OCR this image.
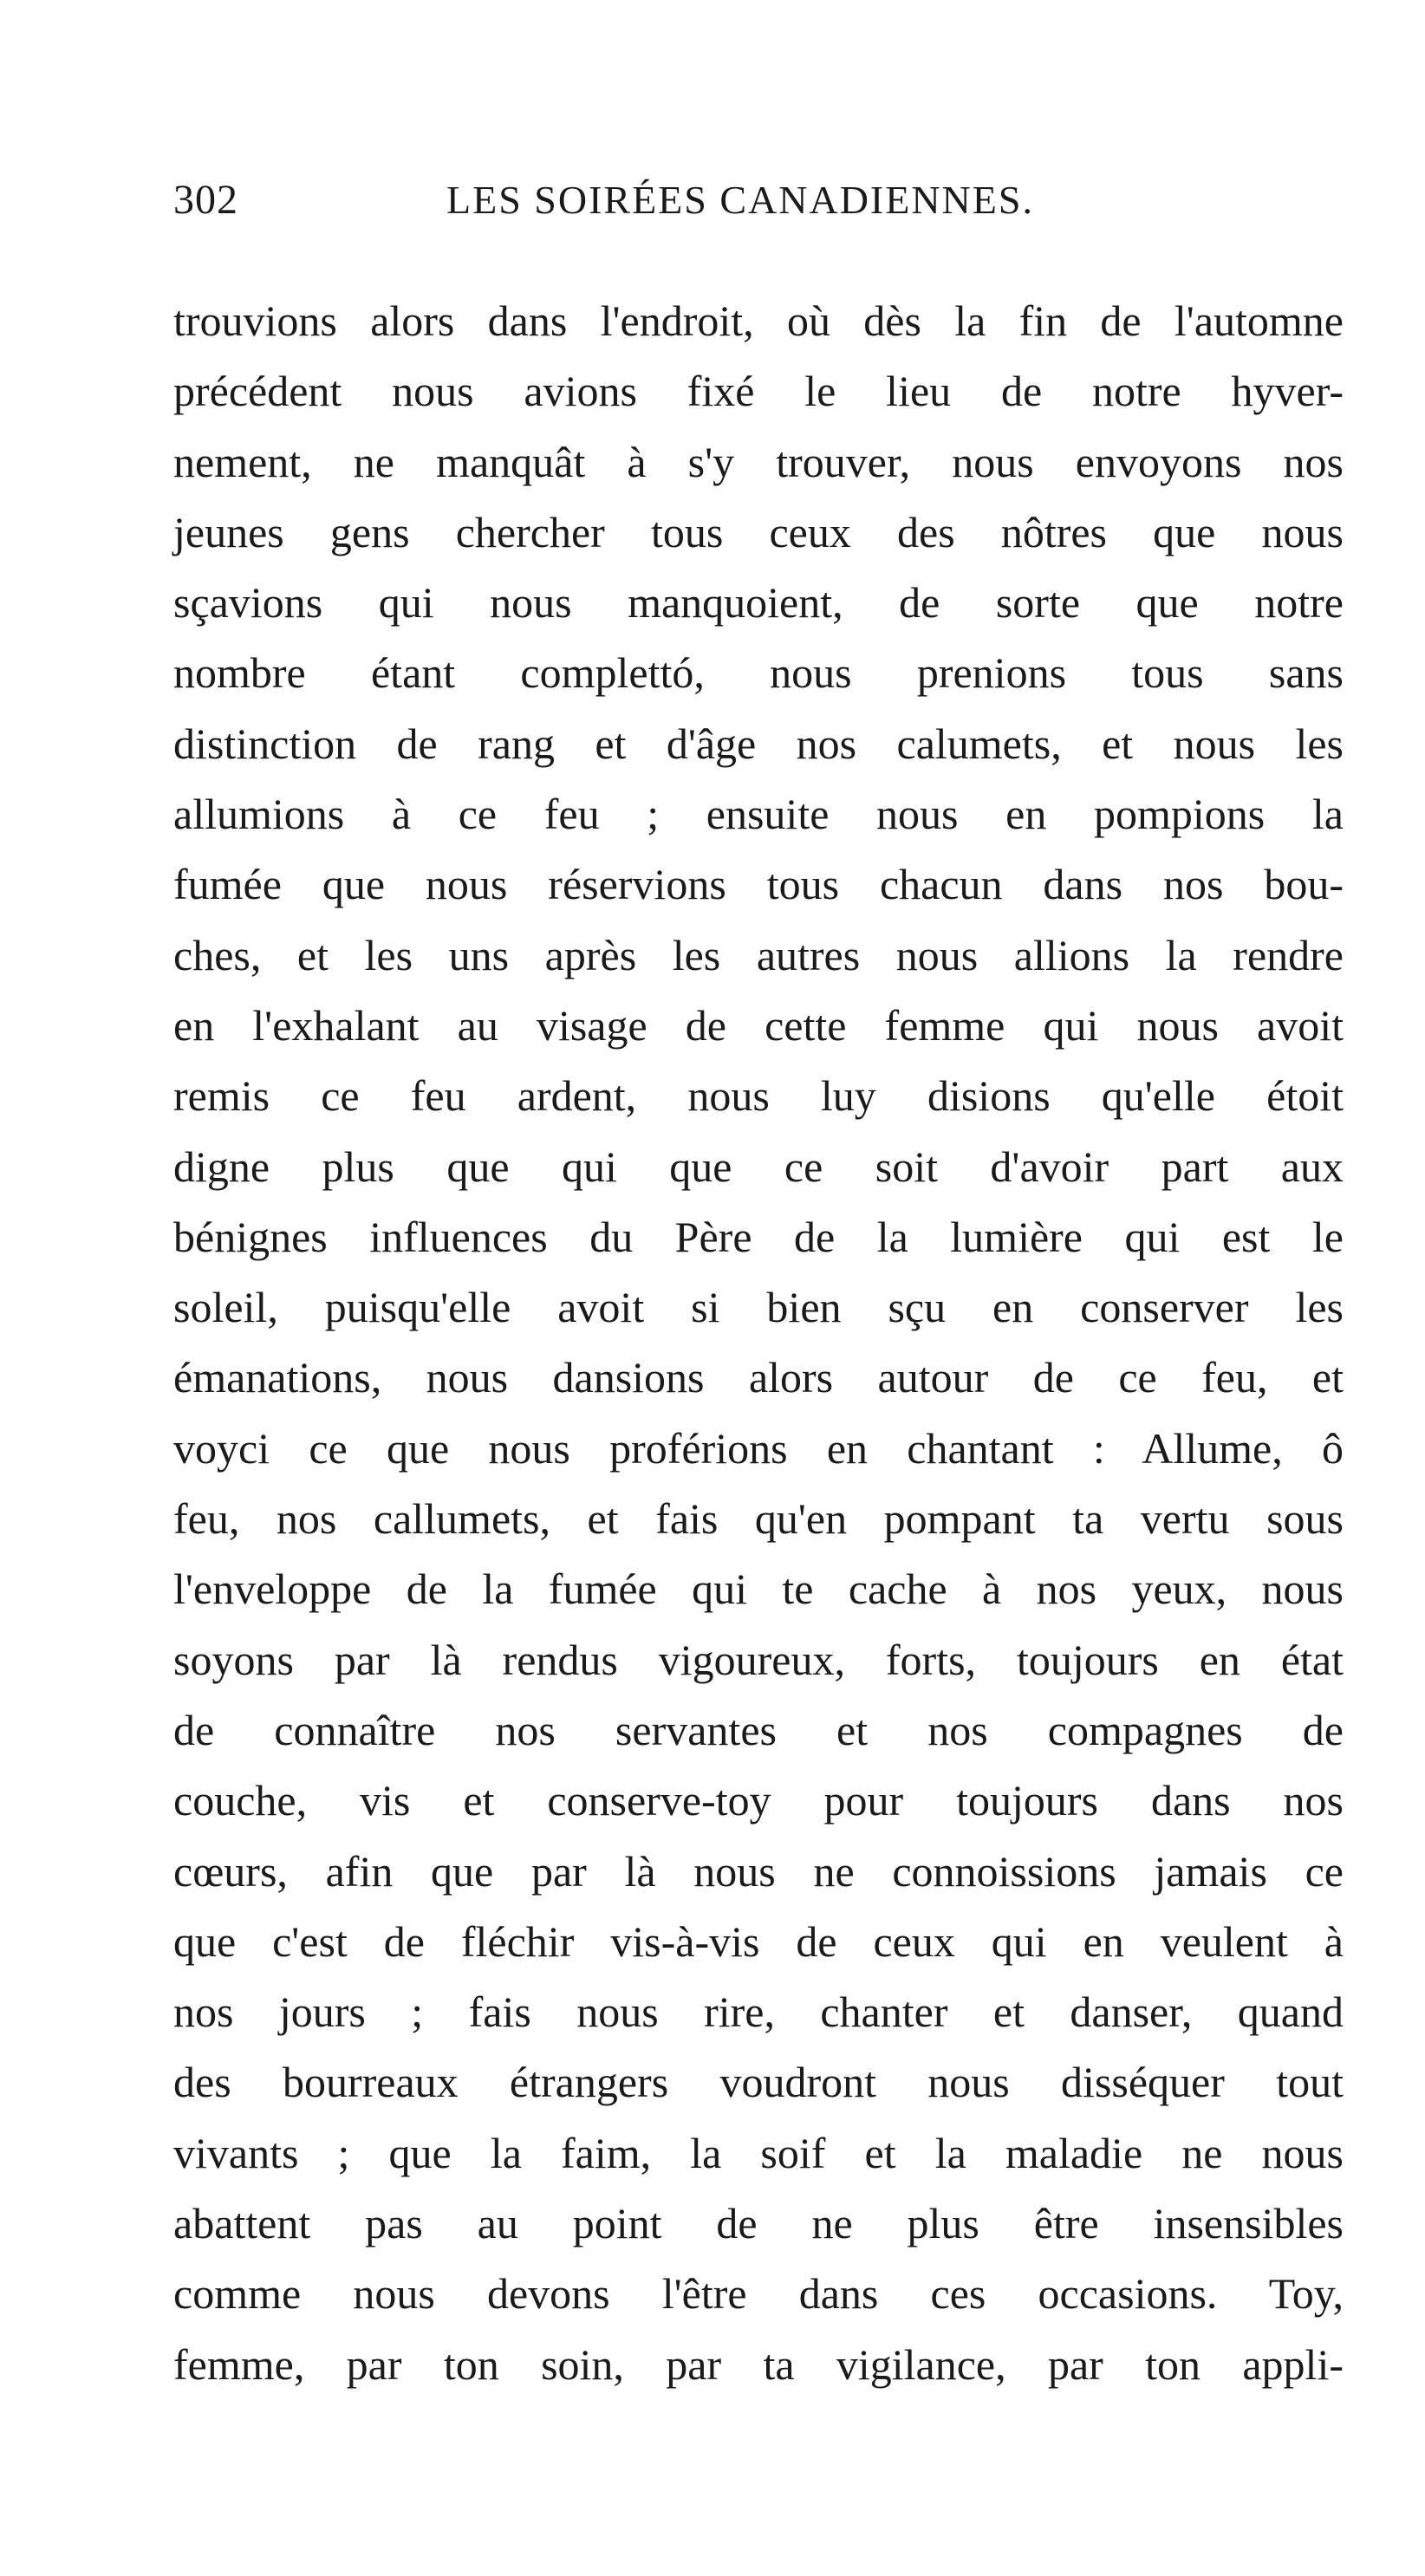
302	LES SOIRÉES CANADIENNES.
trouvions alors dans l'endroit, où dès la fin de l'automne
précédent nous avions fixé le lieu de notre hyver-
nement, ne manquât à s'y trouver, nous envoyons nos
jeunes gens chercher tous ceux des nôtres que nous
sçavions qui nous manquoient, de sorte que notre
nombre étant complettó, nous prenions tous sans
distinction de rang et d'âge nos calumets, et nous les
allumions à ce feu ; ensuite nous en pompions la
fumée que nous réservions tous chacun dans nos bou-
ches, et les uns après les autres nous allions la rendre
en l'exhalant au visage de cette femme qui nous avoit
remis ce feu ardent, nous luy disions qu'elle étoit
digne plus que qui que ce soit d'avoir part aux
bénignes influences du Père de la lumière qui est le
soleil, puisqu'elle avoit si bien sçu en conserver les
émanations, nous dansions alors autour de ce feu, et
voyci ce que nous proférions en chantant : Allume, ô
feu, nos callumets, et fais qu'en pompant ta vertu sous
l'enveloppe de la fumée qui te cache à nos yeux, nous
soyons par là rendus vigoureux, forts, toujours en état
de connaître nos servantes et nos compagnes de
couche, vis et conserve-toy pour toujours dans nos
cœurs, afin que par là nous ne connoissions jamais ce
que c'est de fléchir vis-à-vis de ceux qui en veulent à
nos jours ; fais nous rire, chanter et danser, quand
des bourreaux étrangers voudront nous disséquer tout
vivants ; que la faim, la soif et la maladie ne nous
abattent pas au point de ne plus être insensibles
comme nous devons l'être dans ces occasions. Toy,
femme, par ton soin, par ta vigilance, par ton appli-
